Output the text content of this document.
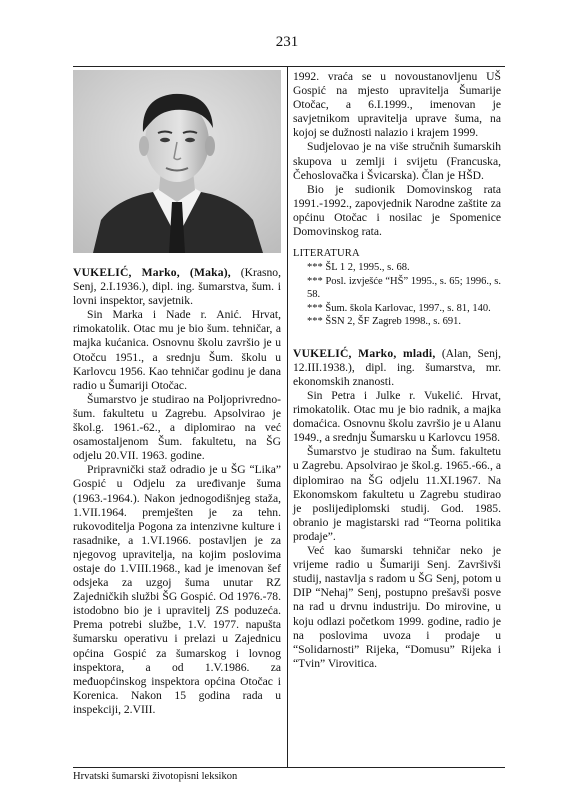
231

VUKELIĆ, Marko, (Maka), (Krasno, Senj, 2.I.1936.), dipl. ing. šumarstva, šum. i lovni inspektor, savjetnik.

Sin Marka i Nade r. Anić. Hrvat, rimokatolik. Otac mu je bio šum. tehničar, a majka kućanica. Osnovnu školu završio je u Otočcu 1951., a srednju Šum. školu u Karlovcu 1956. Kao tehničar godinu je dana radio u Šumariji Otočac.

Šumarstvo je studirao na Poljoprivredno-šum. fakultetu u Zagrebu. Apsolvirao je škol.g. 1961.-62., a diplomirao na već osamostaljenom Šum. fakultetu, na ŠG odjelu 20.VII. 1963. godine.

Pripravnički staž odradio je u ŠG “Lika” Gospić u Odjelu za uređivanje šuma (1963.-1964.). Nakon jednogodišnjeg staža, 1.VII.1964. premješten je za tehn. rukovoditelja Pogona za intenzivne kulture i rasadnike, a 1.VI.1966. postavljen je za njegovog upravitelja, na kojim poslovima ostaje do 1.VIII.1968., kad je imenovan šef odsjeka za uzgoj šuma unutar RZ Zajedničkih službi ŠG Gospić. Od 1976.-78. istodobno bio je i upravitelj ZS poduzeća. Prema potrebi službe, 1.V. 1977. napušta šumarsku operativu i prelazi u Zajednicu općina Gospić za šumarskog i lovnog inspektora, a od 1.V.1986. za međuopćinskog inspektora općina Otočac i Korenica. Nakon 15 godina rada u inspekciji, 2.VIII.

1992. vraća se u novoustanovljenu UŠ Gospić na mjesto upravitelja Šumarije Otočac, a 6.I.1999., imenovan je savjetnikom upravitelja uprave šuma, na kojoj se dužnosti nalazio i krajem 1999.

Sudjelovao je na više stručnih šumarskih skupova u zemlji i svijetu (Francuska, Čehoslovačka i Švicarska). Član je HŠD.

Bio je sudionik Domovinskog rata 1991.-1992., zapovjednik Narodne zaštite za općinu Otočac i nosilac je Spomenice Domovinskog rata.

LITERATURA
*** ŠL 1 2, 1995., s. 68.
*** Posl. izvješće “HŠ” 1995., s. 65; 1996., s. 58.
*** Šum. škola Karlovac, 1997., s. 81, 140.
*** ŠSN 2, ŠF Zagreb 1998., s. 691.

VUKELIĆ, Marko, mladi, (Alan, Senj, 12.III.1938.), dipl. ing. šumarstva, mr. ekonomskih znanosti.

Sin Petra i Julke r. Vukelić. Hrvat, rimokatolik. Otac mu je bio radnik, a majka domaćica. Osnovnu školu završio je u Alanu 1949., a srednju Šumarsku u Karlovcu 1958.

Šumarstvo je studirao na Šum. fakultetu u Zagrebu. Apsolvirao je škol.g. 1965.-66., a diplomirao na ŠG odjelu 11.XI.1967. Na Ekonomskom fakultetu u Zagrebu studirao je poslijediplomski studij. God. 1985. obranio je magistarski rad “Teorna politika prodaje”.

Već kao šumarski tehničar neko je vrijeme radio u Šumariji Senj. Završivši studij, nastavlja s radom u ŠG Senj, potom u DIP “Nehaj” Senj, postupno prešavši posve na rad u drvnu industriju. Do mirovine, u koju odlazi početkom 1999. godine, radio je na poslovima uvoza i prodaje u “Solidarnosti” Rijeka, “Domusu” Rijeka i “Tvin” Virovitica.

Hrvatski šumarski životopisni leksikon
